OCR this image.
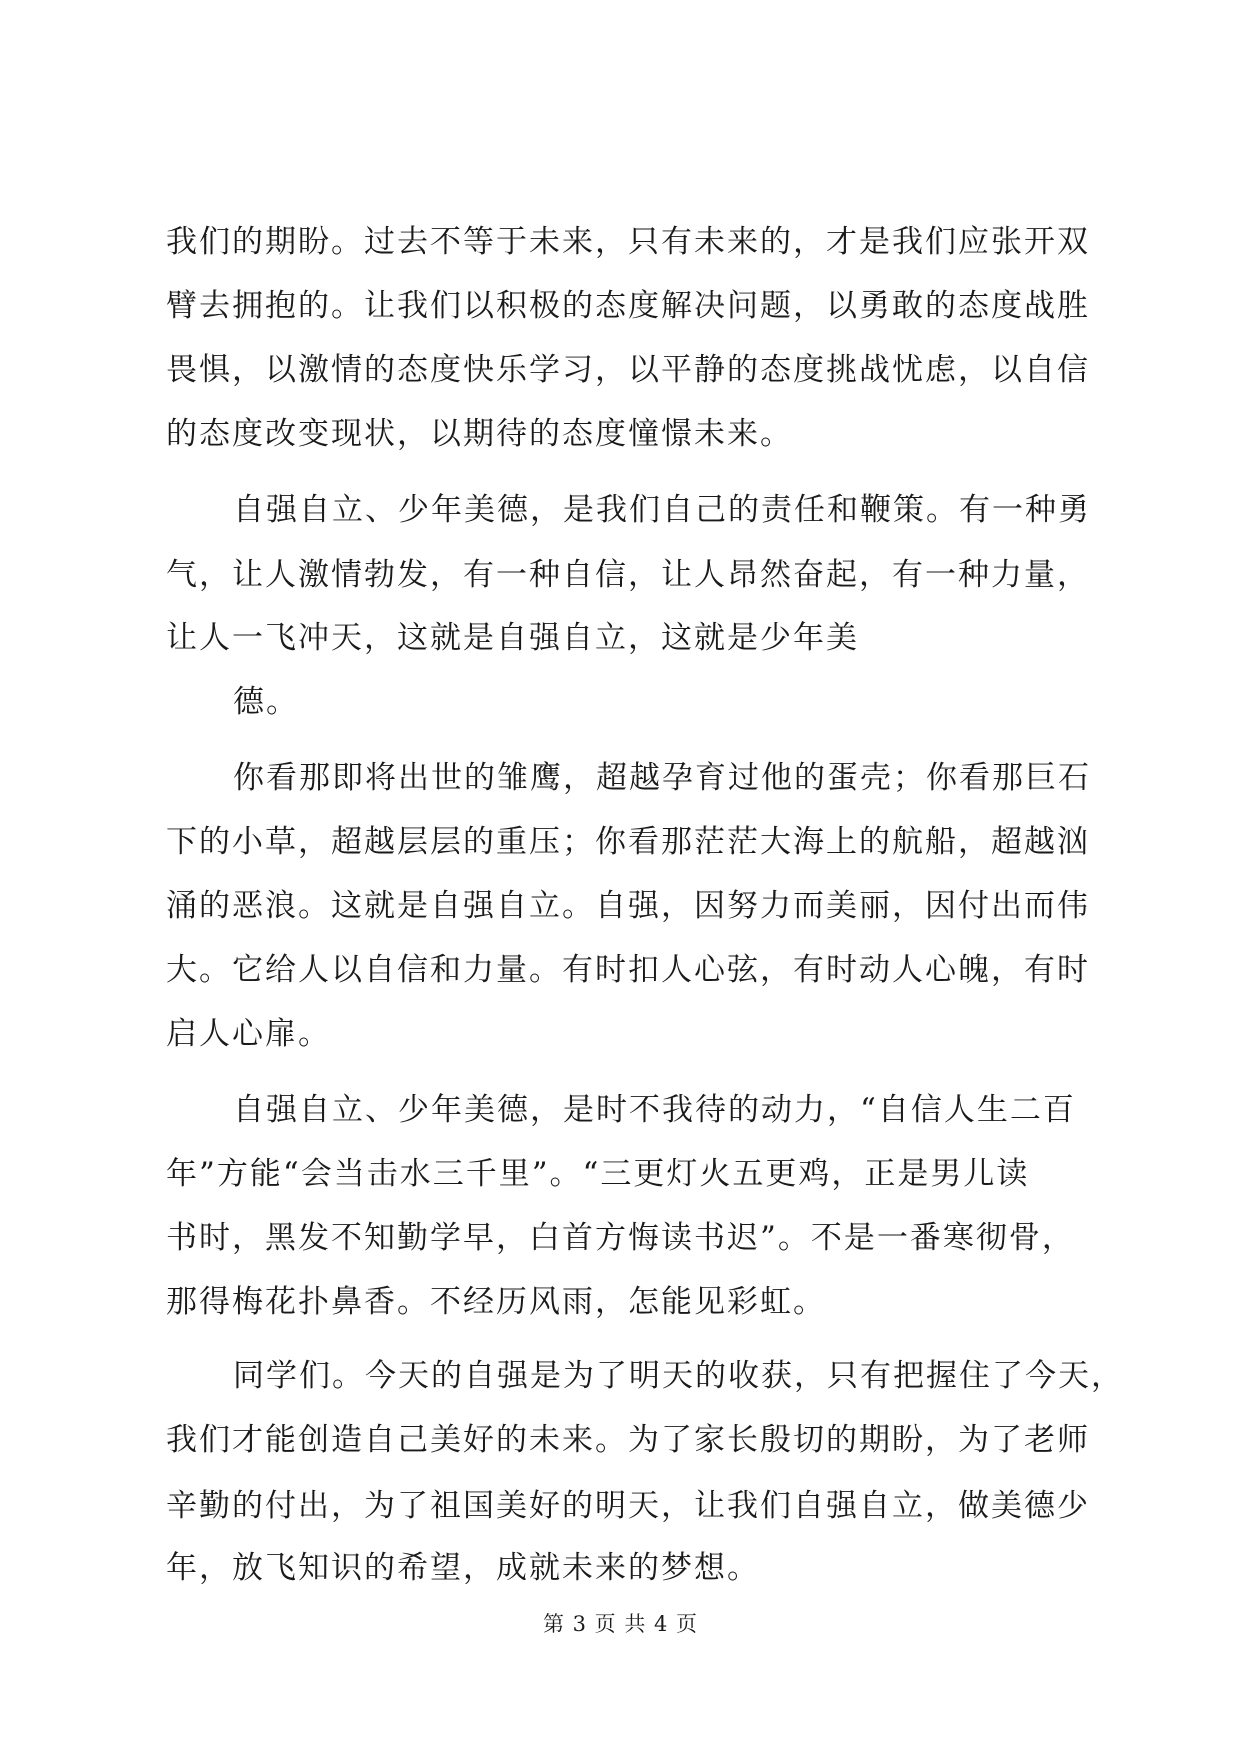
我们的期盼。过去不等于未来，只有未来的，才是我们应张开双
臂去拥抱的。让我们以积极的态度解决问题，以勇敢的态度战胜
畏惧，以激情的态度快乐学习，以平静的态度挑战忧虑，以自信
的态度改变现状，以期待的态度憧憬未来。
自强自立、少年美德，是我们自己的责任和鞭策。有一种勇
气，让人激情勃发，有一种自信，让人昂然奋起，有一种力量，
让人一飞冲天，这就是自强自立，这就是少年美
德。
你看那即将出世的雏鹰，超越孕育过他的蛋壳；你看那巨石
下的小草，超越层层的重压；你看那茫茫大海上的航船，超越汹
涌的恶浪。这就是自强自立。自强，因努力而美丽，因付出而伟
大。它给人以自信和力量。有时扣人心弦，有时动人心魄，有时
启人心扉。
自强自立、少年美德，是时不我待的动力，“自信人生二百
年”方能“会当击水三千里”。“三更灯火五更鸡，正是男儿读
书时，黑发不知勤学早，白首方悔读书迟”。不是一番寒彻骨，
那得梅花扑鼻香。不经历风雨，怎能见彩虹。
同学们。今天的自强是为了明天的收获，只有把握住了今天，
我们才能创造自己美好的未来。为了家长殷切的期盼，为了老师
辛勤的付出，为了祖国美好的明天，让我们自强自立，做美德少
年，放飞知识的希望，成就未来的梦想。
第 3 页 共 4 页
